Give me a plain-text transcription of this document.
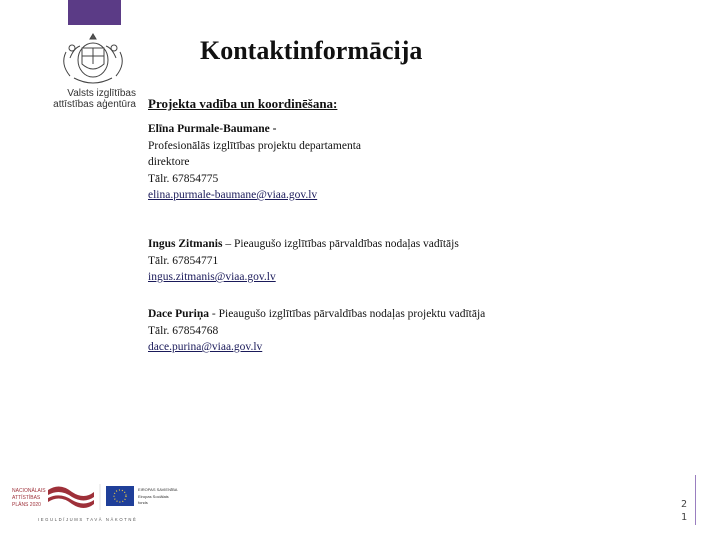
Valsts izglītības
attīstības aģentūra
Kontaktinformācija
Projekta vadība un koordinēšana:
Elīna Purmale-Baumane -
Profesionālās izglītības projektu departamenta
direktore
Tālr. 67854775
elina.purmale-baumane@viaa.gov.lv
Ingus Zitmanis – Pieaugušo izglītības pārvaldības nodaļas vadītājs
Tālr. 67854771
ingus.zitmanis@viaa.gov.lv
Dace Puriņa - Pieaugušo izglītības pārvaldības nodaļas projektu vadītāja
Tālr. 67854768
dace.purina@viaa.gov.lv
NACIONĀLAIS
ATTĪSTĪBAS
PLĀNS 2020
EIROPAS SAVIENĪBA
Eiropas Sociālais
fonds
IEGULDĪJUMS TAVĀ NĀKOTNĒ
2
1
